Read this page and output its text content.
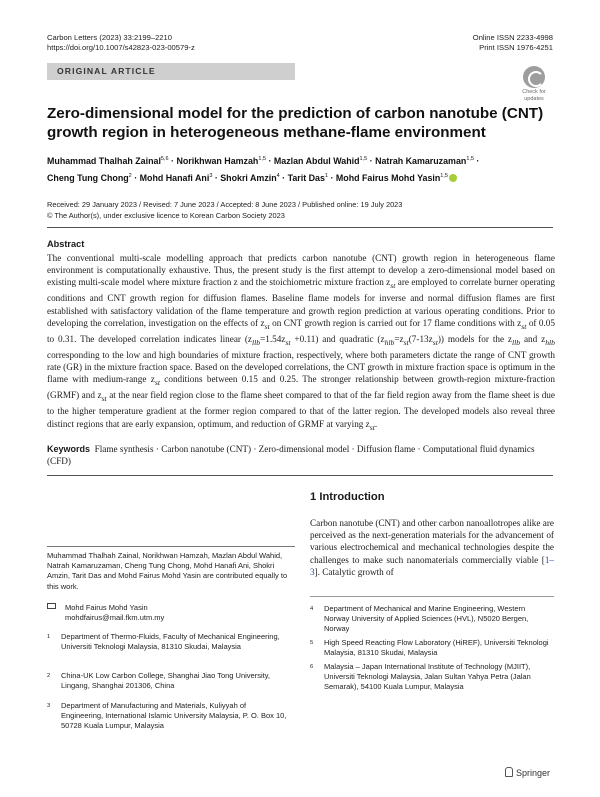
Carbon Letters (2023) 33:2199–2210
https://doi.org/10.1007/s42823-023-00579-z
Online ISSN 2233-4998
Print ISSN 1976-4251
ORIGINAL ARTICLE
Check for
updates
Zero-dimensional model for the prediction of carbon nanotube (CNT)
growth region in heterogeneous methane-flame environment
Muhammad Thalhah Zainal$^{5,6}$ · Norikhwan Hamzah$^{1,5}$ · Mazlan Abdul Wahid$^{1,5}$ · Natrah Kamaruzaman$^{1,5}$ ·
Cheng Tung Chong$^2$ · Mohd Hanafi Ani$^3$ · Shokri Amzin$^4$ · Tarit Das$^1$ · Mohd Fairus Mohd Yasin$^{1,5}$
Received: 29 January 2023 / Revised: 7 June 2023 / Accepted: 8 June 2023 / Published online: 19 July 2023
© The Author(s), under exclusive licence to Korean Carbon Society 2023
Abstract

The conventional multi-scale modelling approach that predicts carbon nanotube (CNT) growth region in heterogeneous flame environment is computationally exhaustive. Thus, the present study is the first attempt to develop a zero-dimensional model based on existing multi-scale model where mixture fraction z and the stoichiometric mixture fraction $z_{st}$ are employed to correlate burner operating conditions and CNT growth region for diffusion flames. Baseline flame models for inverse and normal diffusion flames are first established with satisfactory validation of the flame temperature and growth region prediction at various operating conditions. Prior to developing the correlation, investigation on the effects of $z_{st}$ on CNT growth region is carried out for 17 flame conditions with $z_{st}$ of 0.05 to 0.31. The developed correlation indicates linear $(z_{llb}=1.54z_{st} +0.11)$ and quadratic $(z_{hlb}=z_{st}(7-13z_{st}))$ models for the $z_{llb}$ and $z_{hlb}$ corresponding to the low and high boundaries of mixture fraction, respectively, where both parameters dictate the range of CNT growth rate (GR) in the mixture fraction space. Based on the developed correlations, the CNT growth in mixture fraction space is optimum in the flame with medium-range $z_{st}$ conditions between 0.15 and 0.25. The stronger relationship between growth-region mixture-fraction (GRMF) and $z_{st}$ at the near field region close to the flame sheet compared to that of the far field region away from the flame sheet is due to the higher temperature gradient at the former region compared to that of the latter region. The developed models also reveal three distinct regions that are early expansion, optimum, and reduction of GRMF at varying $z_{st}$.

Keywords Flame synthesis · Carbon nanotube (CNT) · Zero-dimensional model · Diffusion flame · Computational fluid dynamics (CFD)
1 Introduction
Carbon nanotube (CNT) and other carbon nanoallotropes alike are perceived as the next-generation materials for the advancement of various electrochemical and mechanical technologies despite the challenges to make such nanomaterials commercially viable [1–3]. Catalytic growth of
Muhammad Thalhah Zainal, Norikhwan Hamzah, Mazlan Abdul Wahid, Natrah Kamaruzaman, Cheng Tung Chong, Mohd Hanafi Ani, Shokri Amzin, Tarit Das and Mohd Fairus Mohd Yasin are contributed equally to this work.
Mohd Fairus Mohd Yasin
mohdfairus@mail.fkm.utm.my
1 Department of Thermo-Fluids, Faculty of Mechanical Engineering, Universiti Teknologi Malaysia, 81310 Skudai, Malaysia
2 China-UK Low Carbon College, Shanghai Jiao Tong University, Lingang, Shanghai 201306, China
3 Department of Manufacturing and Materials, Kuliyyah of Engineering, International Islamic University Malaysia, P. O. Box 10, 50728 Kuala Lumpur, Malaysia
4 Department of Mechanical and Marine Engineering, Western Norway University of Applied Sciences (HVL), N5020 Bergen, Norway
5 High Speed Reacting Flow Laboratory (HiREF), Universiti Teknologi Malaysia, 81310 Skudai, Malaysia
6 Malaysia – Japan International Institute of Technology (MJIIT), Universiti Teknologi Malaysia, Jalan Sultan Yahya Petra (Jalan Semarak), 54100 Kuala Lumpur, Malaysia
Springer
